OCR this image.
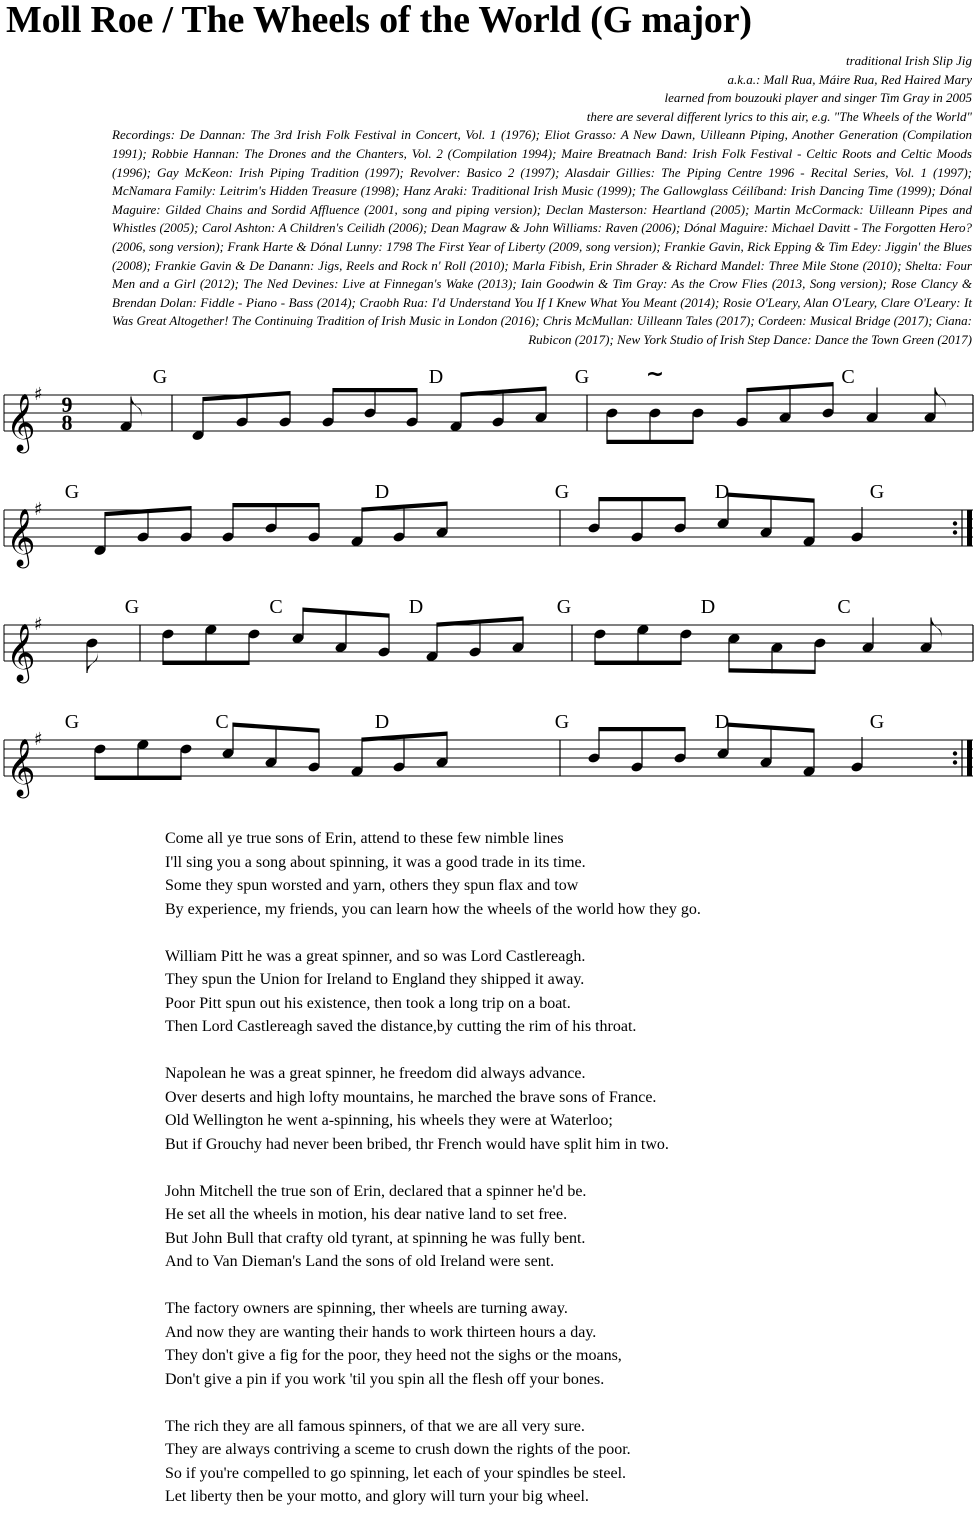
Moll Roe / The Wheels of the World (G major)
traditional Irish Slip Jig
a.k.a.: Mall Rua, Máire Rua, Red Haired Mary
learned from bouzouki player and singer Tim Gray in 2005
there are several different lyrics to this air, e.g. "The Wheels of the World"
Recordings: De Dannan: The 3rd Irish Folk Festival in Concert, Vol. 1 (1976); Eliot Grasso: A New Dawn, Uilleann Piping, Another Generation (Compilation 1991); Robbie Hannan: The Drones and the Chanters, Vol. 2 (Compilation 1994); Maire Breatnach Band: Irish Folk Festival - Celtic Roots and Celtic Moods (1996); Gay McKeon: Irish Piping Tradition (1997); Revolver: Basico 2 (1997); Alasdair Gillies: The Piping Centre 1996 - Recital Series, Vol. 1 (1997); McNamara Family: Leitrim's Hidden Treasure (1998); Hanz Araki: Traditional Irish Music (1999); The Gallowglass Céilíband: Irish Dancing Time (1999); Dónal Maguire: Gilded Chains and Sordid Affluence (2001, song and piping version); Declan Masterson: Heartland (2005); Martin McCormack: Uilleann Pipes and Whistles (2005); Carol Ashton: A Children's Ceilidh (2006); Dean Magraw & John Williams: Raven (2006); Dónal Maguire: Michael Davitt - The Forgotten Hero? (2006, song version); Frank Harte & Dónal Lunny: 1798 The First Year of Liberty (2009, song version); Frankie Gavin, Rick Epping & Tim Edey: Jiggin' the Blues (2008); Frankie Gavin & De Danann: Jigs, Reels and Rock n' Roll (2010); Marla Fibish, Erin Shrader & Richard Mandel: Three Mile Stone (2010); Shelta: Four Men and a Girl (2012); The Ned Devines: Live at Finnegan's Wake (2013); Iain Goodwin & Tim Gray: As the Crow Flies (2013, Song version); Rose Clancy & Brendan Dolan: Fiddle - Piano - Bass (2014); Craobh Rua: I'd Understand You If I Knew What You Meant (2014); Rosie O'Leary, Alan O'Leary, Clare O'Leary: It Was Great Altogether! The Continuing Tradition of Irish Music in London (2016); Chris McMullan: Uilleann Tales (2017); Cordeen: Musical Bridge (2017); Ciana: Rubicon (2017); New York Studio of Irish Step Dance: Dance the Town Green (2017)
𝄞
♯ 9
8
G	D	G	C
~
𝄞
♯
G	D	G	D	G
𝄞
♯
G	C	D	G	D	C
𝄞
♯
G	C	D	G	D	G
Come all ye true sons of Erin, attend to these few nimble lines
I'll sing you a song about spinning, it was a good trade in its time.
Some they spun worsted and yarn, others they spun flax and tow
By experience, my friends, you can learn how the wheels of the world how they go.
William Pitt he was a great spinner, and so was Lord Castlereagh.
They spun the Union for Ireland to England they shipped it away.
Poor Pitt spun out his existence, then took a long trip on a boat.
Then Lord Castlereagh saved the distance,by cutting the rim of his throat.
Napolean he was a great spinner, he freedom did always advance.
Over deserts and high lofty mountains, he marched the brave sons of France.
Old Wellington he went a-spinning, his wheels they were at Waterloo;
But if Grouchy had never been bribed, thr French would have split him in two.
John Mitchell the true son of Erin, declared that a spinner he'd be.
He set all the wheels in motion, his dear native land to set free.
But John Bull that crafty old tyrant, at spinning he was fully bent.
And to Van Dieman's Land the sons of old Ireland were sent.
The factory owners are spinning, ther wheels are turning away.
And now they are wanting their hands to work thirteen hours a day.
They don't give a fig for the poor, they heed not the sighs or the moans,
Don't give a pin if you work 'til you spin all the flesh off your bones.
The rich they are all famous spinners, of that we are all very sure.
They are always contriving a sceme to crush down the rights of the poor.
So if you're compelled to go spinning, let each of your spindles be steel.
Let liberty then be your motto, and glory will turn your big wheel.
